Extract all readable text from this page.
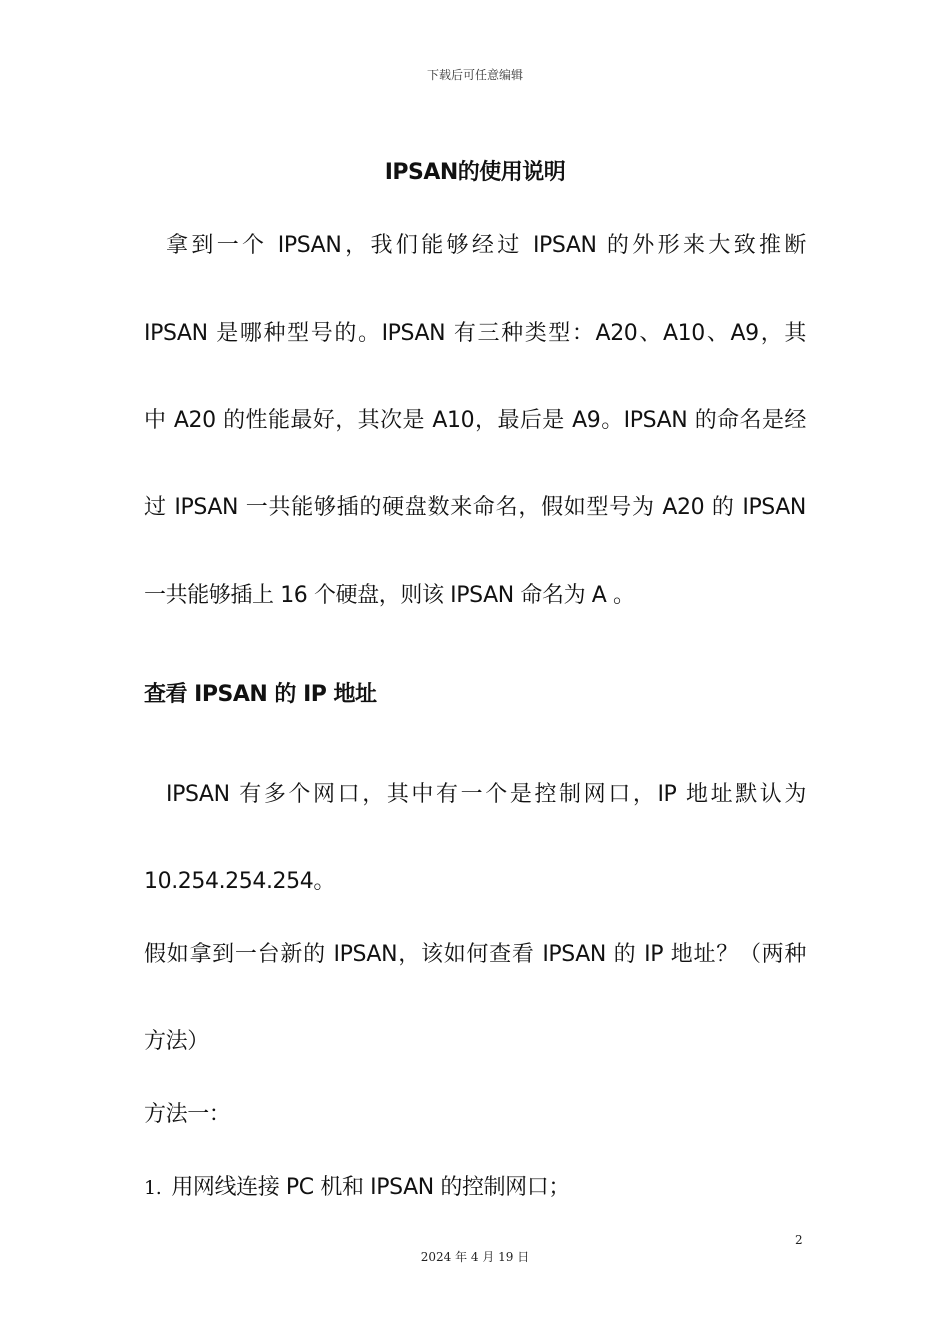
下载后可任意编辑
IPSAN的使用说明
拿到一个 IPSAN，我们能够经过 IPSAN 的外形来大致推断
IPSAN 是哪种型号的。IPSAN 有三种类型：A20、A10、A9，其
中 A20 的性能最好，其次是 A10，最后是 A9。IPSAN 的命名是经
过 IPSAN 一共能够插的硬盘数来命名，假如型号为 A20 的 IPSAN
一共能够插上 16 个硬盘，则该 IPSAN 命名为 A 。
查看 IPSAN 的 IP 地址
IPSAN 有多个网口，其中有一个是控制网口，IP 地址默认为
10.254.254.254。
假如拿到一台新的 IPSAN，该如何查看 IPSAN 的 IP 地址？（两种
方法）
方法一：
1. 用网线连接 PC 机和 IPSAN 的控制网口；
2
2024 年 4 月 19 日
